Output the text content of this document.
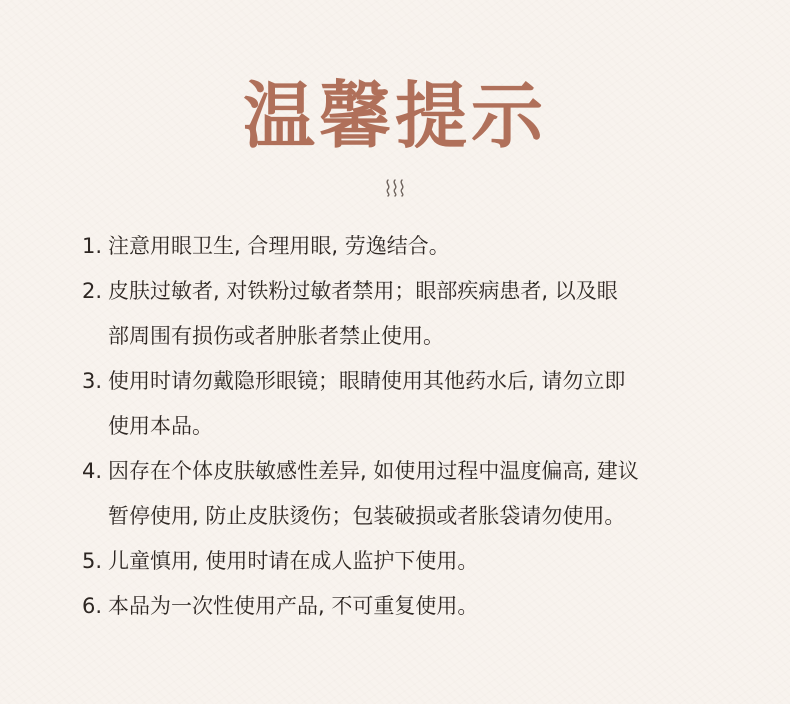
温馨提示
1. 注意用眼卫生, 合理用眼, 劳逸结合。
2. 皮肤过敏者, 对铁粉过敏者禁用；眼部疾病患者, 以及眼
部周围有损伤或者肿胀者禁止使用。
3. 使用时请勿戴隐形眼镜；眼睛使用其他药水后, 请勿立即
使用本品。
4. 因存在个体皮肤敏感性差异, 如使用过程中温度偏高, 建议
暂停使用, 防止皮肤烫伤；包装破损或者胀袋请勿使用。
5. 儿童慎用, 使用时请在成人监护下使用。
6. 本品为一次性使用产品, 不可重复使用。
